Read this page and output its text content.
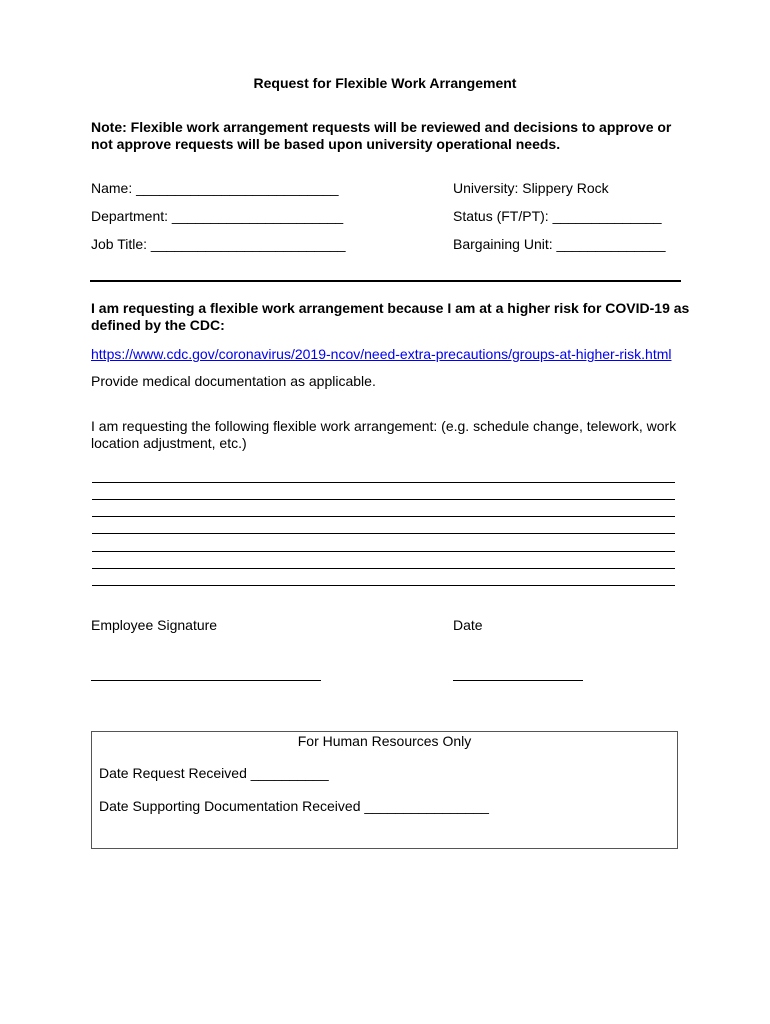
Request for Flexible Work Arrangement
Note: Flexible work arrangement requests will be reviewed and decisions to approve or not approve requests will be based upon university operational needs.
Name: __________________________
Department: ______________________
Job Title: _________________________
University: Slippery Rock
Status (FT/PT): ______________
Bargaining Unit: ______________
I am requesting a flexible work arrangement because I am at a higher risk for COVID-19 as defined by the CDC:
https://www.cdc.gov/coronavirus/2019-ncov/need-extra-precautions/groups-at-higher-risk.html
Provide medical documentation as applicable.
I am requesting the following flexible work arrangement: (e.g. schedule change, telework, work location adjustment, etc.)
Employee Signature	Date
For Human Resources Only
Date Request Received __________
Date Supporting Documentation Received ________________
